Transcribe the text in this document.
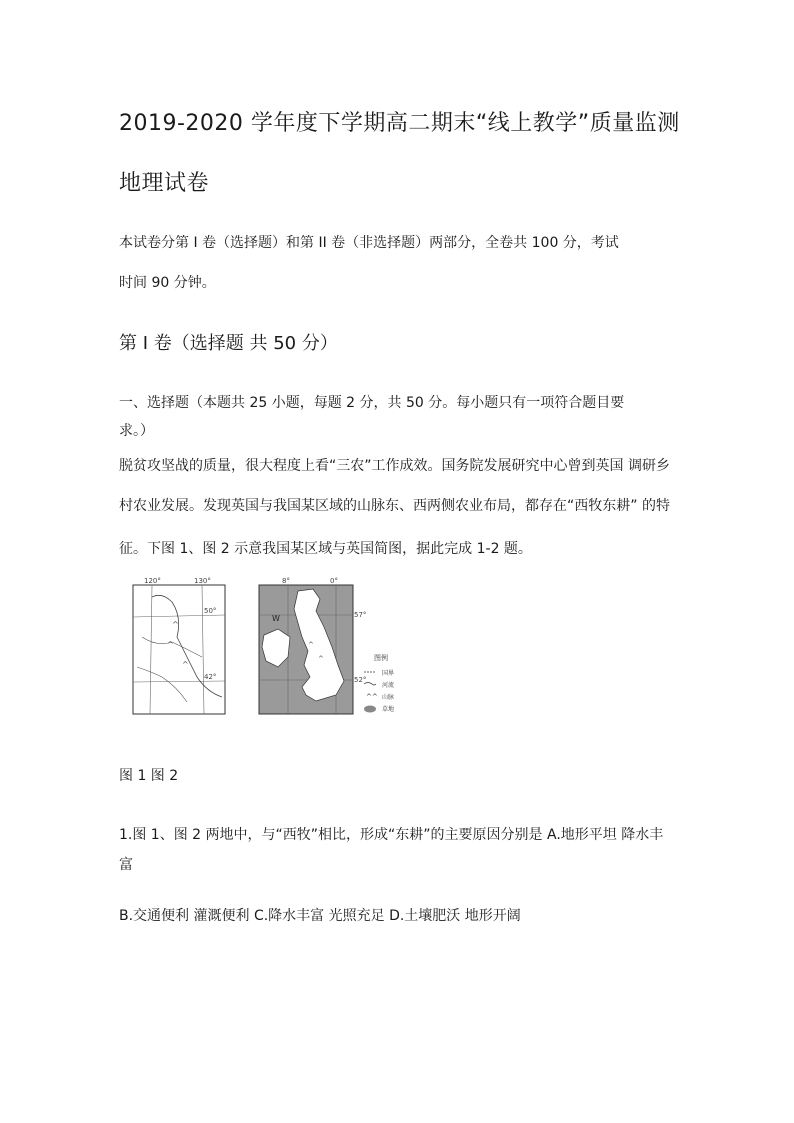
2019-2020 学年度下学期高二期末“线上教学”质量监测
地理试卷
本试卷分第 I 卷（选择题）和第 II 卷（非选择题）两部分，全卷共 100 分，考试
时间 90 分钟。
第 I 卷（选择题 共 50 分）
一、选择题（本题共 25 小题，每题 2 分，共 50 分。每小题只有一项符合题目要
求。）
脱贫攻坚战的质量，很大程度上看“三农”工作成效。国务院发展研究中心曾到英国 调研乡
村农业发展。发现英国与我国某区域的山脉东、西两侧农业布局，都存在“西牧东耕” 的特
征。下图 1、图 2 示意我国某区域与英国简图，据此完成 1-2 题。
^
^
^
120°	130°
50°
42°
^
^
W
8°	0°
57°
52°
图例
国界
河流
^^ 山脉
草地
图 1 图 2
1.图 1、图 2 两地中，与“西牧”相比，形成“东耕”的主要原因分别是 A.地形平坦 降水丰
富
B.交通便利 灌溉便利 C.降水丰富 光照充足 D.土壤肥沃 地形开阔
